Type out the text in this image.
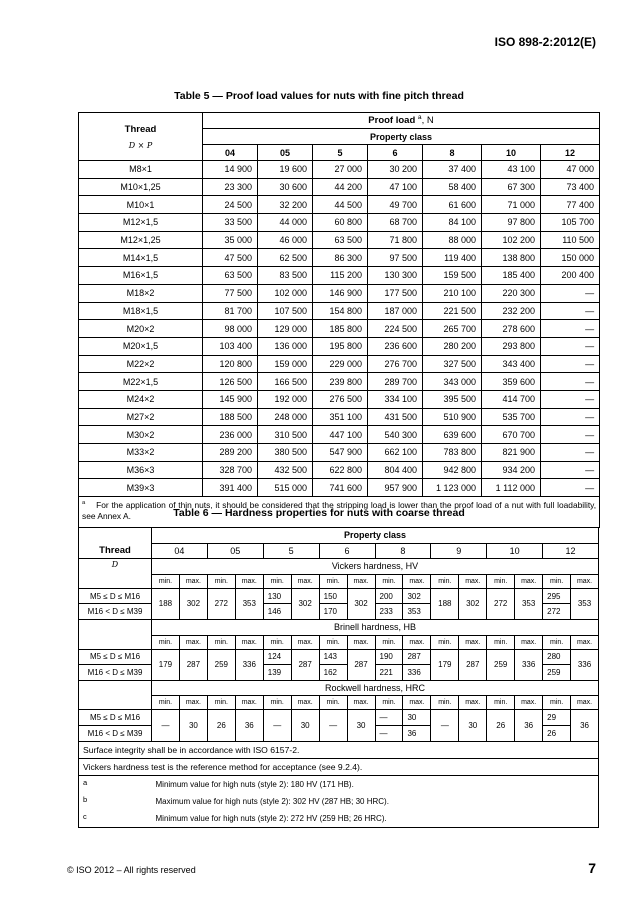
ISO 898-2:2012(E)
Table 5 — Proof load values for nuts with fine pitch thread
Thread
D × P	Proof load $^a$, N						
	Property class						
	04	05	5	6	8	10	12
M8×1	14 900	19 600	27 000	30 200	37 400	43 100	47 000
M10×1,25	23 300	30 600	44 200	47 100	58 400	67 300	73 400
M10×1	24 500	32 200	44 500	49 700	61 600	71 000	77 400
M12×1,5	33 500	44 000	60 800	68 700	84 100	97 800	105 700
M12×1,25	35 000	46 000	63 500	71 800	88 000	102 200	110 500
M14×1,5	47 500	62 500	86 300	97 500	119 400	138 800	150 000
M16×1,5	63 500	83 500	115 200	130 300	159 500	185 400	200 400
M18×2	77 500	102 000	146 900	177 500	210 100	220 300	—
M18×1,5	81 700	107 500	154 800	187 000	221 500	232 200	—
M20×2	98 000	129 000	185 800	224 500	265 700	278 600	—
M20×1,5	103 400	136 000	195 800	236 600	280 200	293 800	—
M22×2	120 800	159 000	229 000	276 700	327 500	343 400	—
M22×1,5	126 500	166 500	239 800	289 700	343 000	359 600	—
M24×2	145 900	192 000	276 500	334 100	395 500	414 700	—
M27×2	188 500	248 000	351 100	431 500	510 900	535 700	—
M30×2	236 000	310 500	447 100	540 300	639 600	670 700	—
M33×2	289 200	380 500	547 900	662 100	783 800	821 900	—
M36×3	328 700	432 500	622 800	804 400	942 800	934 200	—
M39×3	391 400	515 000	741 600	957 900	1 123 000	1 112 000	—
$^a$ For the application of thin nuts, it should be considered that the stripping load is lower than the proof load of a nut with full loadability, see Annex A.								Table 6 — Hardness properties for nuts with coarse thread
Thread	Property class															
	04		05		5		6		8		9		10		12	
D	Vickers hardness, HV															
	min.	max.	min.	max.	min.	max.	min.	max.	min.	max.	min.	max.	min.	max.	min.	max.
M5 ≤ D ≤ M16	188	302	272	353	130	302	150	302	200	302	188	302	272	353	295	353
M16 < D ≤ M39					146		170		233	353					272	
	Brinell hardness, HB															
	min.	max.	min.	max.	min.	max.	min.	max.	min.	max.	min.	max.	min.	max.	min.	max.
M5 ≤ D ≤ M16	179	287	259	336	124	287	143	287	190	287	179	287	259	336	280	336
M16 < D ≤ M39					139		162		221	336					259	
	Rockwell hardness, HRC															
	min.	max.	min.	max.	min.	max.	min.	max.	min.	max.	min.	max.	min.	max.	min.	max.
M5 ≤ D ≤ M16	—	30	26	36	—	30	—	30	—	30	—	30	26	36	29	36
M16 < D ≤ M39									—	36					26	
Surface integrity shall be in accordance with ISO 6157-2.																
Vickers hardness test is the reference method for acceptance (see 9.2.4).																
a	Minimum value for high nuts (style 2): 180 HV (171 HB).															
b	Maximum value for high nuts (style 2): 302 HV (287 HB; 30 HRC).															
c	Minimum value for high nuts (style 2): 272 HV (259 HB; 26 HRC).															
© ISO 2012 – All rights reserved	7
